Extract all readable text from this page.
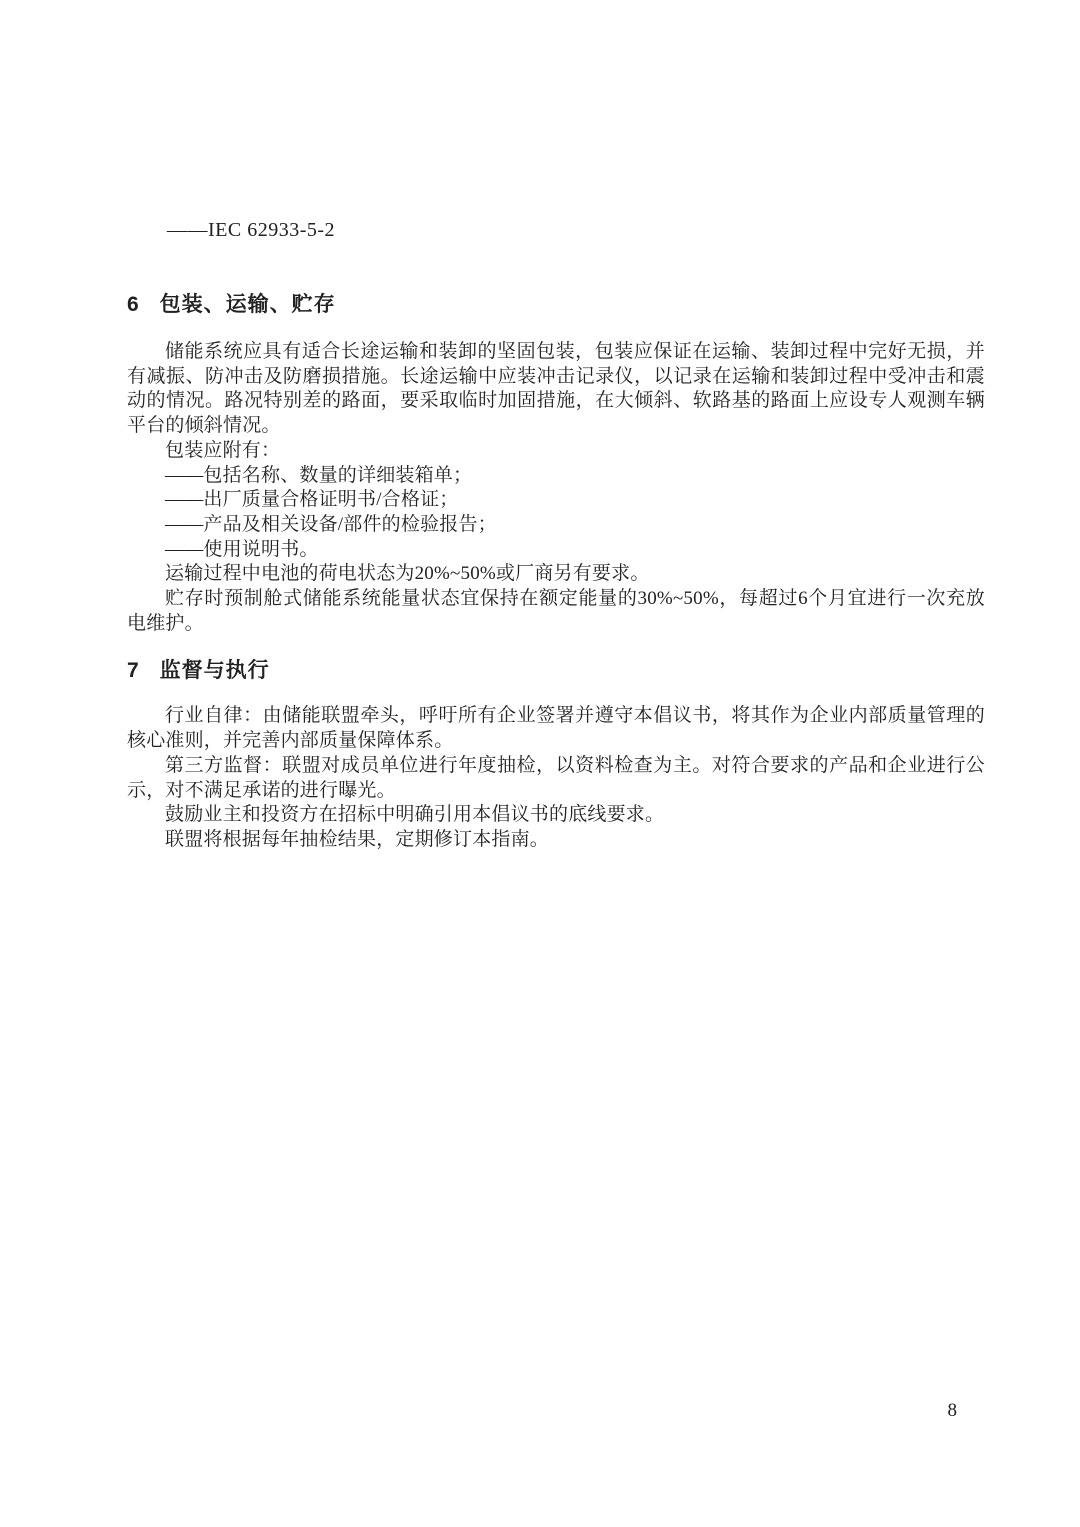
——IEC 62933-5-2

6 包装、运输、贮存

储能系统应具有适合长途运输和装卸的坚固包装，包装应保证在运输、装卸过程中完好无损，并有减振、防冲击及防磨损措施。长途运输中应装冲击记录仪，以记录在运输和装卸过程中受冲击和震动的情况。路况特别差的路面，要采取临时加固措施，在大倾斜、软路基的路面上应设专人观测车辆平台的倾斜情况。

包装应附有：

——包括名称、数量的详细装箱单；

——出厂质量合格证明书/合格证；

——产品及相关设备/部件的检验报告；

——使用说明书。

运输过程中电池的荷电状态为20%~50%或厂商另有要求。

贮存时预制舱式储能系统能量状态宜保持在额定能量的30%~50%，每超过6个月宜进行一次充放电维护。

7 监督与执行

行业自律：由储能联盟牵头，呼吁所有企业签署并遵守本倡议书，将其作为企业内部质量管理的核心准则，并完善内部质量保障体系。

第三方监督：联盟对成员单位进行年度抽检，以资料检查为主。对符合要求的产品和企业进行公示，对不满足承诺的进行曝光。

鼓励业主和投资方在招标中明确引用本倡议书的底线要求。

联盟将根据每年抽检结果，定期修订本指南。

8
